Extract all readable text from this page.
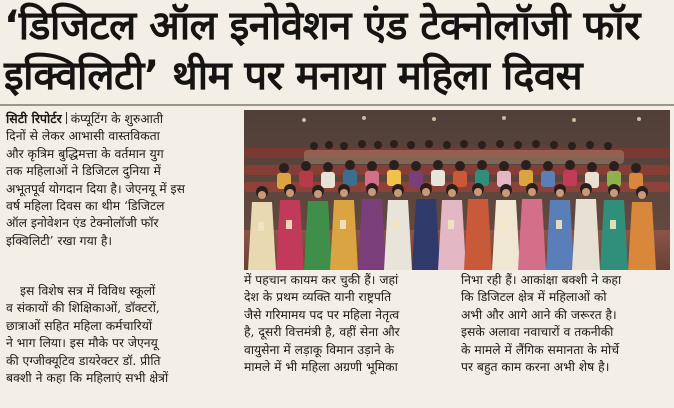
‘डिजिटल ऑल इनोवेशन एंड टेक्नोलॉजी फॉर
इक्विलिटी’ थीम पर मनाया महिला दिवस

सिटी रिपोर्टर कंप्यूटिंग के शुरुआती
दिनों से लेकर आभासी वास्तविकता
और कृत्रिम बुद्धिमत्ता के वर्तमान युग
तक महिलाओं ने डिजिटल दुनिया में
अभूतपूर्व योगदान दिया है। जेएनयू में इस
वर्ष महिला दिवस का थीम ‘डिजिटल
ऑल इनोवेशन एंड टेक्नोलॉजी फॉर
इक्विलिटी’ रखा गया है।

इस विशेष सत्र में विविध स्कूलों
व संकायों की शिक्षिकाओं, डॉक्टरों,
छात्राओं सहित महिला कर्मचारियों
ने भाग लिया। इस मौके पर जेएनयू
की एग्जीक्यूटिव डायरेक्टर डॉ. प्रीति
बक्शी ने कहा कि महिलाएं सभी क्षेत्रों

में पहचान कायम कर चुकी हैं। जहां
देश के प्रथम व्यक्ति यानी राष्ट्रपति
जैसे गरिमामय पद पर महिला नेतृत्व
है, दूसरी वित्तमंत्री है, वहीं सेना और
वायुसेना में लड़ाकू विमान उड़ाने के
मामले में भी महिला अग्रणी भूमिका

निभा रही हैं। आकांक्षा बक्शी ने कहा
कि डिजिटल क्षेत्र में महिलाओं को
अभी और आगे आने की जरूरत है।
इसके अलावा नवाचारों व तकनीकी
के मामले में लैंगिक समानता के मोर्चे
पर बहुत काम करना अभी शेष है।
